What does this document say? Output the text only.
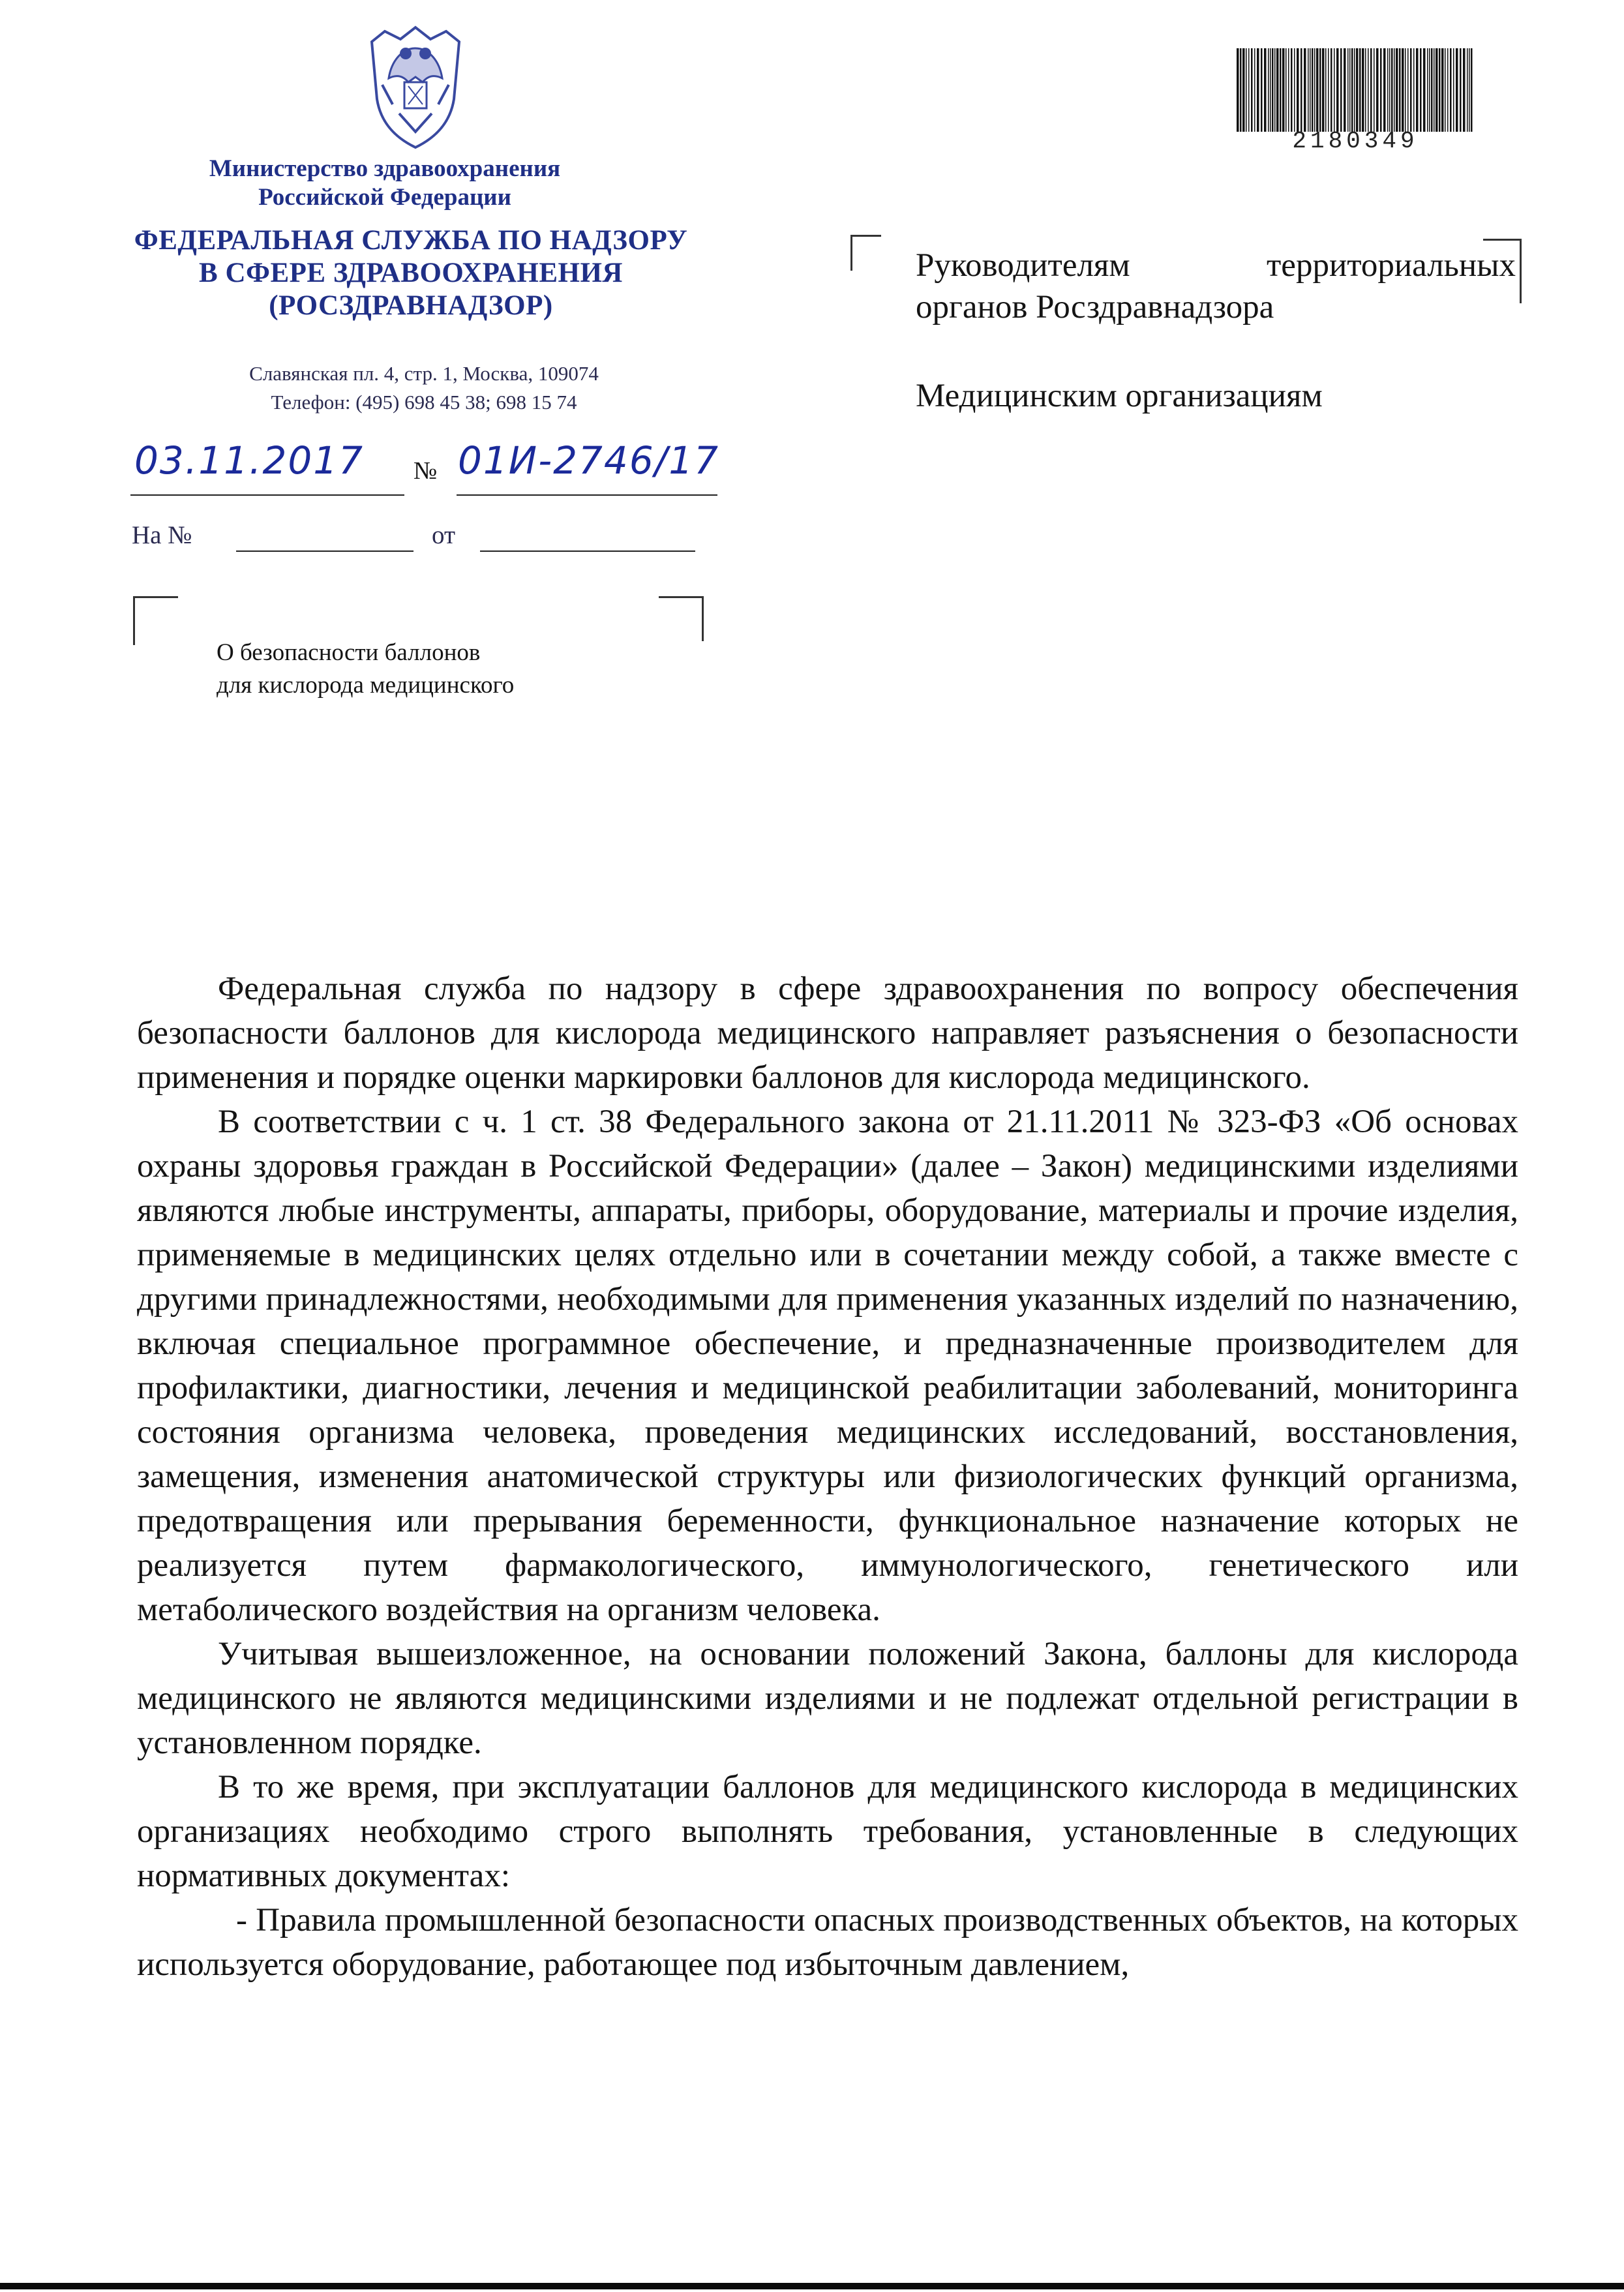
Министерство здравоохранения
Российской Федерации
ФЕДЕРАЛЬНАЯ СЛУЖБА ПО НАДЗОРУ
В СФЕРЕ ЗДРАВООХРАНЕНИЯ
(РОСЗДРАВНАДЗОР)
Славянская пл. 4, стр. 1, Москва, 109074
Телефон: (495) 698 45 38; 698 15 74
03.11.2017 № 01И-2746/17
На №	от
2180349
Руководителям	территориальных
органов Росздравнадзора
Медицинским организациям
О безопасности баллонов
для кислорода медицинского

Федеральная служба по надзору в сфере здравоохранения по вопросу обеспечения безопасности баллонов для кислорода медицинского направляет разъяснения о безопасности применения и порядке оценки маркировки баллонов для кислорода медицинского.

В соответствии с ч. 1 ст. 38 Федерального закона от 21.11.2011 № 323-ФЗ «Об основах охраны здоровья граждан в Российской Федерации» (далее – Закон) медицинскими изделиями являются любые инструменты, аппараты, приборы, оборудование, материалы и прочие изделия, применяемые в медицинских целях отдельно или в сочетании между собой, а также вместе с другими принадлежностями, необходимыми для применения указанных изделий по назначению, включая специальное программное обеспечение, и предназначенные производителем для профилактики, диагностики, лечения и медицинской реабилитации заболеваний, мониторинга состояния организма человека, проведения медицинских исследований, восстановления, замещения, изменения анатомической структуры или физиологических функций организма, предотвращения или прерывания беременности, функциональное назначение которых не реализуется путем фармакологического, иммунологического, генетического или метаболического воздействия на организм человека.

Учитывая вышеизложенное, на основании положений Закона, баллоны для кислорода медицинского не являются медицинскими изделиями и не подлежат отдельной регистрации в установленном порядке.

В то же время, при эксплуатации баллонов для медицинского кислорода в медицинских организациях необходимо строго выполнять требования, установленные в следующих нормативных документах:

- Правила промышленной безопасности опасных производственных объектов, на которых используется оборудование, работающее под избыточным давлением,
